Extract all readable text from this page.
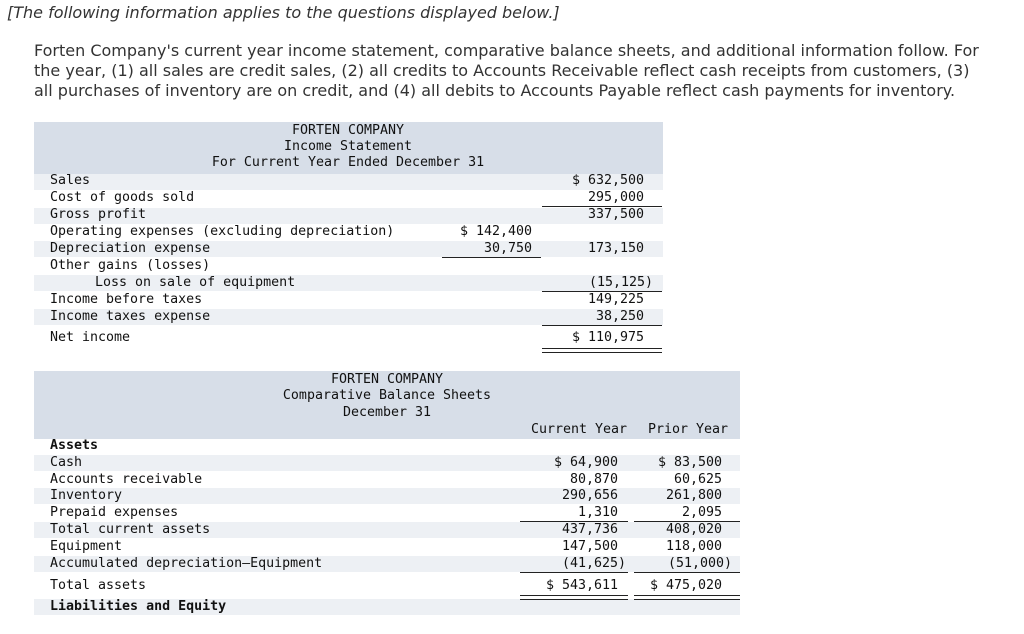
[The following information applies to the questions displayed below.]
Forten Company's current year income statement, comparative balance sheets, and additional information follow. For the year, (1) all sales are credit sales, (2) all credits to Accounts Receivable reflect cash receipts from customers, (3) all purchases of inventory are on credit, and (4) all debits to Accounts Payable reflect cash payments for inventory.
FORTEN COMPANY
Income Statement
For Current Year Ended December 31
Sales
Cost of goods sold
Gross profit
Operating expenses (excluding depreciation)
Depreciation expense
Other gains (losses)
Loss on sale of equipment
Income before taxes
Income taxes expense
Net income
$ 142,400
30,750
$ 632,500
295,000
337,500
173,150
(15,125)
149,225
38,250
$ 110,975
FORTEN COMPANY
Comparative Balance Sheets
December 31
Current Year	Prior Year
Assets
Cash
Accounts receivable
Inventory
Prepaid expenses
Total current assets
Equipment
Accumulated depreciation—Equipment
Total assets
Liabilities and Equity
$ 64,900
80,870
290,656
1,310
437,736
147,500
(41,625)
$ 543,611
$ 83,500
60,625
261,800
2,095
408,020
118,000
(51,000)
$ 475,020
